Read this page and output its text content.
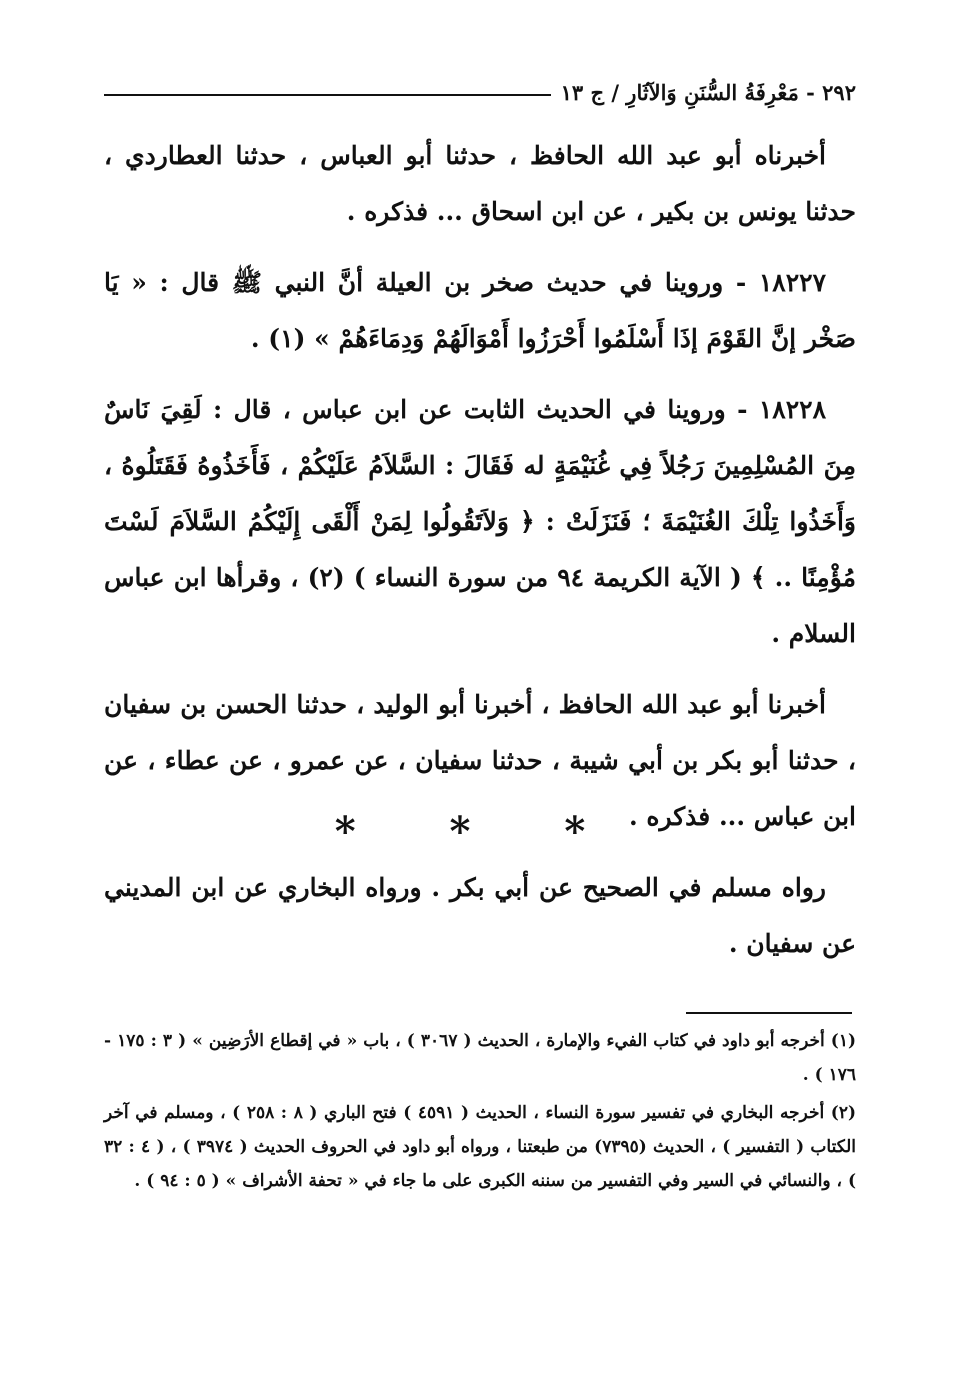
٢٩٢ - مَعْرِفَةُ السُّنَنِ وَالآثَارِ / ج ١٣

أخبرناه أبو عبد الله الحافظ ، حدثنا أبو العباس ، حدثنا العطاردي ، حدثنا يونس بن بكير ، عن ابن اسحاق ... فذكره .

١٨٢٢٧ - وروينا في حديث صخر بن العيلة أنَّ النبي ﷺ قال : « يَا صَخْر إنَّ القَوْمَ إذَا أَسْلَمُوا أَحْرَزُوا أَمْوَالَهُمْ وَدِمَاءَهُمْ » (١) .

١٨٢٢٨ - وروينا في الحديث الثابت عن ابن عباس ، قال : لَقِيَ نَاسٌ مِنَ المُسْلِمِينَ رَجُلاً فِي غُنَيْمَةٍ له فَقَالَ : السَّلاَمُ عَلَيْكُمْ ، فَأَخَذُوهُ فَقَتَلُوهُ ، وَأَخَذُوا تِلْكَ الغُنَيْمَةَ ؛ فَنَزَلَتْ : ﴿ وَلاَتَقُولُوا لِمَنْ أَلْقَى إِلَيْكُمُ السَّلاَمَ لَسْتَ مُؤْمِنًا .. ﴾ ( الآية الكريمة ٩٤ من سورة النساء ) (٢) ، وقرأها ابن عباس السلام .

أخبرنا أبو عبد الله الحافظ ، أخبرنا أبو الوليد ، حدثنا الحسن بن سفيان ، حدثنا أبو بكر بن أبي شيبة ، حدثنا سفيان ، عن عمرو ، عن عطاء ، عن ابن عباس ... فذكره .

رواه مسلم في الصحيح عن أبي بكر . ورواه البخاري عن ابن المديني عن سفيان .

* * *

(١) أخرجه أبو داود في كتاب الفيء والإمارة ، الحديث ( ٣٠٦٧ ) ، باب « في إقطاع الأرَضِين » ( ٣ : ١٧٥ - ١٧٦ ) .

(٢) أخرجه البخاري في تفسير سورة النساء ، الحديث ( ٤٥٩١ ) فتح الباري ( ٨ : ٢٥٨ ) ، ومسلم في آخر الكتاب ( التفسير ) ، الحديث (٧٣٩٥) من طبعتنا ، ورواه أبو داود في الحروف الحديث ( ٣٩٧٤ ) ، ( ٤ : ٣٢ ) ، والنسائي في السير وفي التفسير من سننه الكبرى على ما جاء في « تحفة الأشراف » ( ٥ : ٩٤ ) .
